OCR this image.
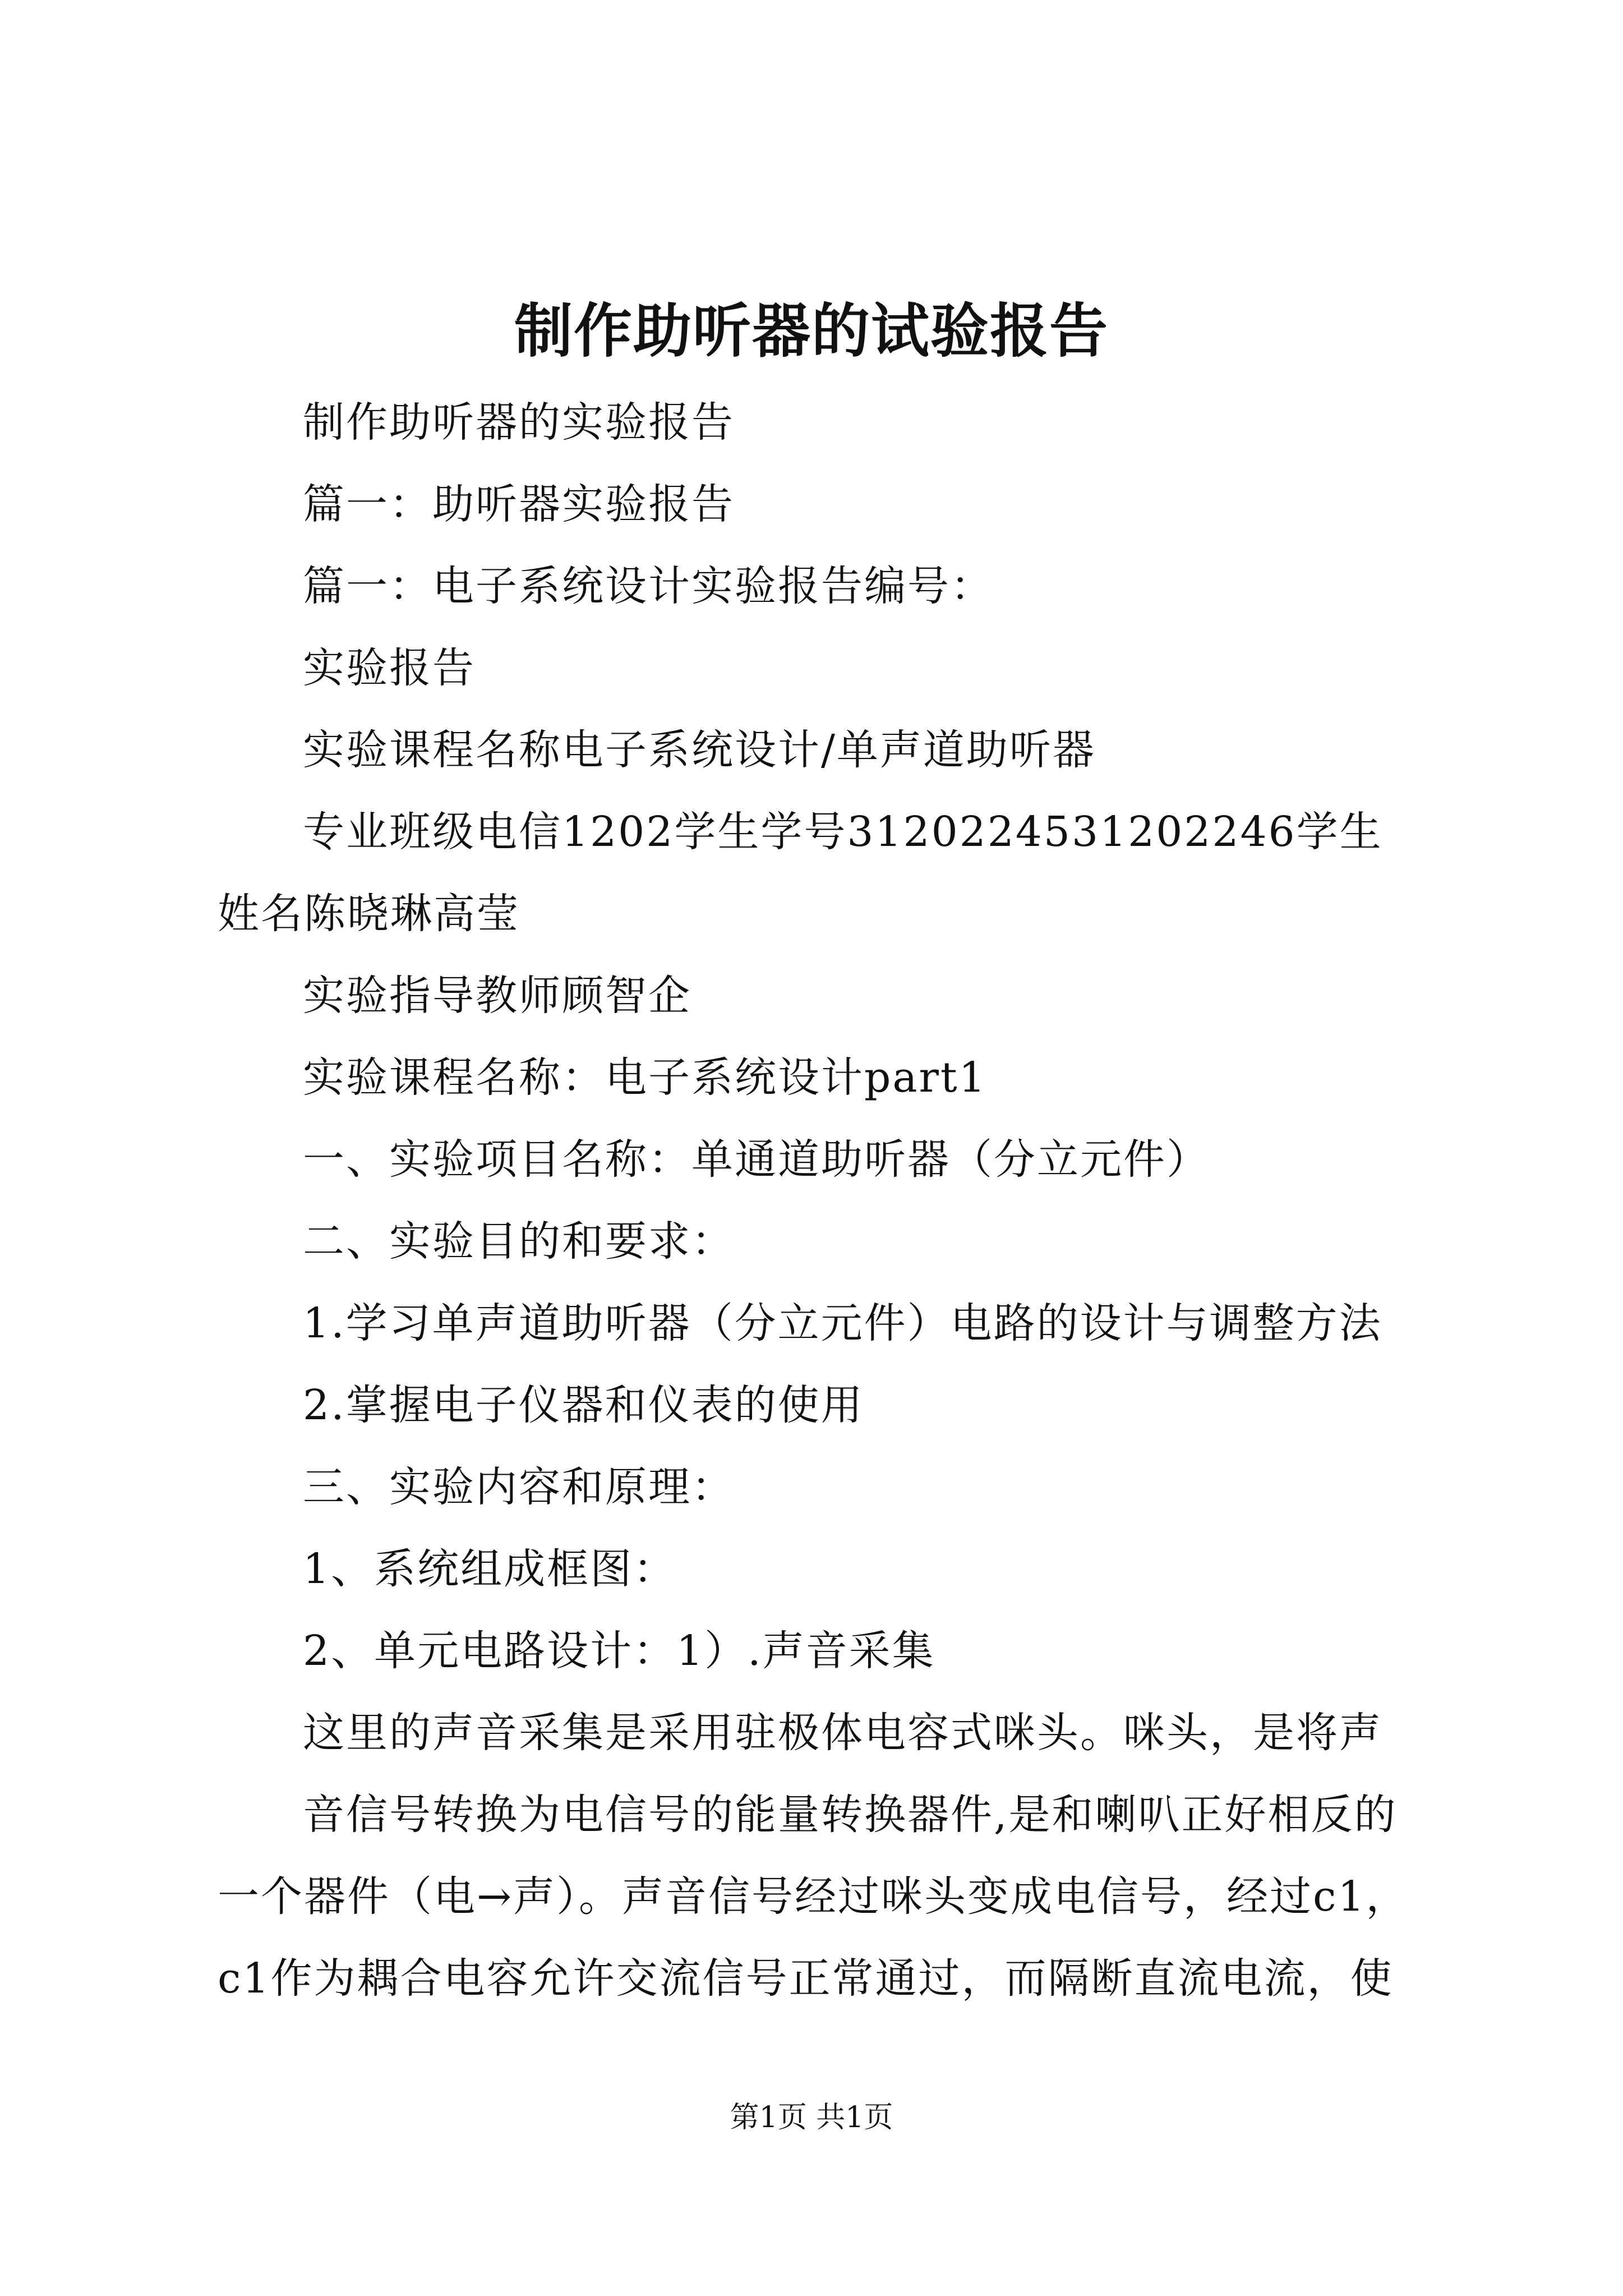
制作助听器的试验报告

制作助听器的实验报告

篇一：助听器实验报告

篇一：电子系统设计实验报告编号：

实验报告

实验课程名称电子系统设计/单声道助听器

专业班级电信1202学生学号3120224531202246学生姓名陈晓琳高莹

实验指导教师顾智企

实验课程名称：电子系统设计part1

一、实验项目名称：单通道助听器（分立元件）

二、实验目的和要求：

1.学习单声道助听器（分立元件）电路的设计与调整方法

2.掌握电子仪器和仪表的使用

三、实验内容和原理：

1、系统组成框图：

2、单元电路设计：1）.声音采集

这里的声音采集是采用驻极体电容式咪头。咪头，是将声

音信号转换为电信号的能量转换器件,是和喇叭正好相反的一个器件（电→声）。声音信号经过咪头变成电信号，经过c1，c1作为耦合电容允许交流信号正常通过，而隔断直流电流，使

第1页 共1页
